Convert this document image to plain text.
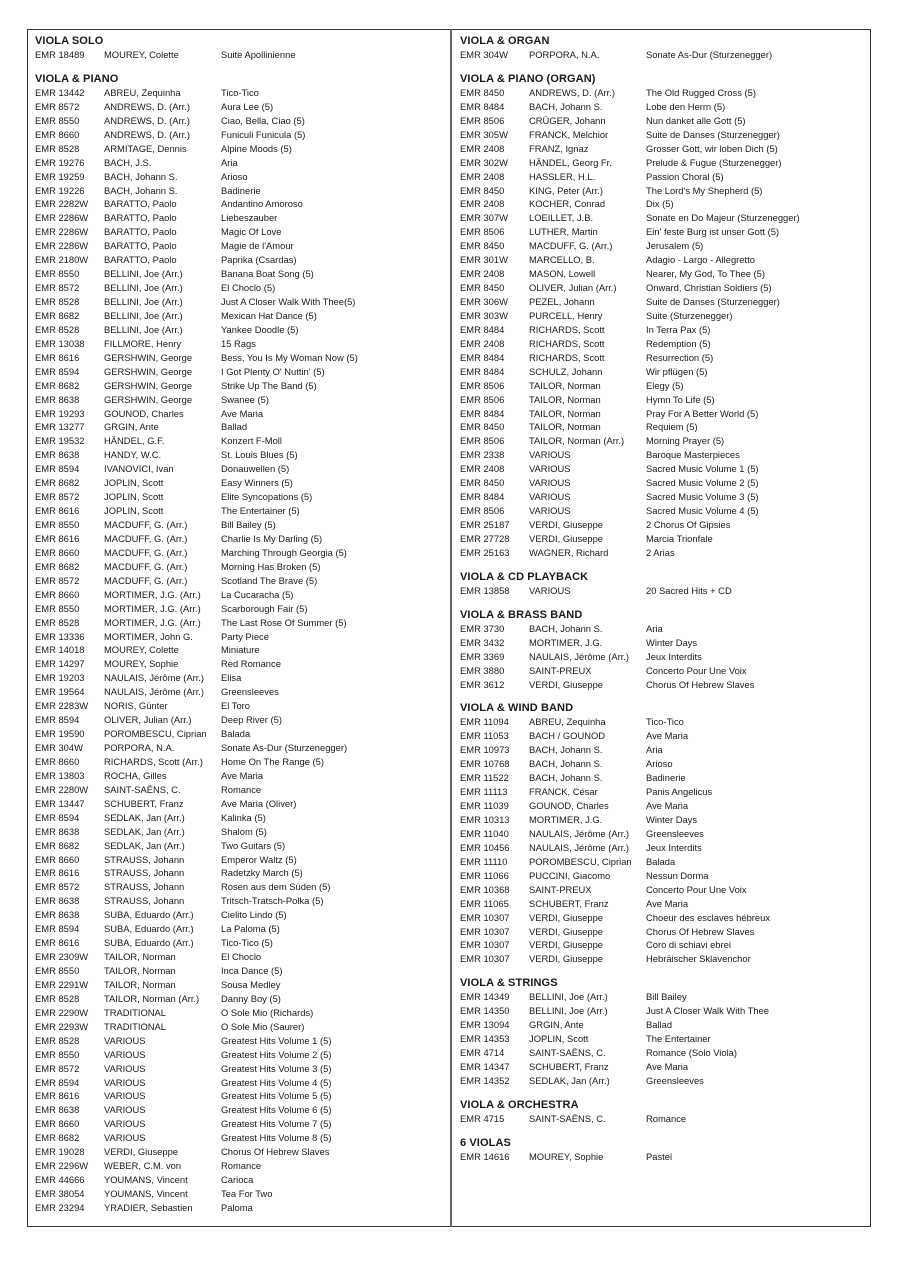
VIOLA SOLO
EMR 18489	MOUREY, Colette	Suite Apollinienne
VIOLA & PIANO
EMR 13442	ABREU, Zequinha	Tico-Tico
EMR 8572	ANDREWS, D. (Arr.)	Aura Lee (5)
EMR 8550	ANDREWS, D. (Arr.)	Ciao, Bella, Ciao (5)
EMR 8660	ANDREWS, D. (Arr.)	Funiculi Funicula (5)
EMR 8528	ARMITAGE, Dennis	Alpine Moods (5)
EMR 19276	BACH, J.S.	Aria
EMR 19259	BACH, Johann S.	Arioso
EMR 19226	BACH, Johann S.	Badinerie
EMR 2282W	BARATTO, Paolo	Andantino Amoroso
EMR 2286W	BARATTO, Paolo	Liebeszauber
EMR 2286W	BARATTO, Paolo	Magic Of Love
EMR 2286W	BARATTO, Paolo	Magie de l'Amour
EMR 2180W	BARATTO, Paolo	Paprika (Csardas)
EMR 8550	BELLINI, Joe (Arr.)	Banana Boat Song (5)
EMR 8572	BELLINI, Joe (Arr.)	El Choclo (5)
EMR 8528	BELLINI, Joe (Arr.)	Just A Closer Walk With Thee(5)
EMR 8682	BELLINI, Joe (Arr.)	Mexican Hat Dance (5)
EMR 8528	BELLINI, Joe (Arr.)	Yankee Doodle (5)
EMR 13038	FILLMORE, Henry	15 Rags
EMR 8616	GERSHWIN, George	Bess, You Is My Woman Now (5)
EMR 8594	GERSHWIN, George	I Got Plenty O' Nuttin' (5)
EMR 8682	GERSHWIN, George	Strike Up The Band (5)
EMR 8638	GERSHWIN, George	Swanee (5)
EMR 19293	GOUNOD, Charles	Ave Maria
EMR 13277	GRGIN, Ante	Ballad
EMR 19532	HÄNDEL, G.F.	Konzert F-Moll
EMR 8638	HANDY, W.C.	St. Louis Blues (5)
EMR 8594	IVANOVICI, Ivan	Donauwellen (5)
EMR 8682	JOPLIN, Scott	Easy Winners (5)
EMR 8572	JOPLIN, Scott	Elite Syncopations (5)
EMR 8616	JOPLIN, Scott	The Entertainer (5)
EMR 8550	MACDUFF, G. (Arr.)	Bill Bailey (5)
EMR 8616	MACDUFF, G. (Arr.)	Charlie Is My Darling (5)
EMR 8660	MACDUFF, G. (Arr.)	Marching Through Georgia (5)
EMR 8682	MACDUFF, G. (Arr.)	Morning Has Broken (5)
EMR 8572	MACDUFF, G. (Arr.)	Scotland The Brave (5)
EMR 8660	MORTIMER, J.G. (Arr.)	La Cucaracha (5)
EMR 8550	MORTIMER, J.G. (Arr.)	Scarborough Fair (5)
EMR 8528	MORTIMER, J.G. (Arr.)	The Last Rose Of Summer (5)
EMR 13336	MORTIMER, John G.	Party Piece
EMR 14018	MOUREY, Colette	Miniature
EMR 14297	MOUREY, Sophie	Red Romance
EMR 19203	NAULAIS, Jérôme (Arr.)	Elisa
EMR 19564	NAULAIS, Jérôme (Arr.)	Greensleeves
EMR 2283W	NORIS, Günter	El Toro
EMR 8594	OLIVER, Julian (Arr.)	Deep River (5)
EMR 19590	POROMBESCU, Ciprian	Balada
EMR 304W	PORPORA, N.A.	Sonate As-Dur (Sturzenegger)
EMR 8660	RICHARDS, Scott (Arr.)	Home On The Range (5)
EMR 13803	ROCHA, Gilles	Ave Maria
EMR 2280W	SAINT-SAËNS, C.	Romance
EMR 13447	SCHUBERT, Franz	Ave Maria (Oliver)
EMR 8594	SEDLAK, Jan (Arr.)	Kalinka (5)
EMR 8638	SEDLAK, Jan (Arr.)	Shalom (5)
EMR 8682	SEDLAK, Jan (Arr.)	Two Guitars (5)
EMR 8660	STRAUSS, Johann	Emperor Waltz (5)
EMR 8616	STRAUSS, Johann	Radetzky March (5)
EMR 8572	STRAUSS, Johann	Rosen aus dem Süden (5)
EMR 8638	STRAUSS, Johann	Tritsch-Tratsch-Polka (5)
EMR 8638	SUBA, Eduardo (Arr.)	Cielito Lindo (5)
EMR 8594	SUBA, Eduardo (Arr.)	La Paloma (5)
EMR 8616	SUBA, Eduardo (Arr.)	Tico-Tico (5)
EMR 2309W	TAILOR, Norman	El Choclo
EMR 8550	TAILOR, Norman	Inca Dance (5)
EMR 2291W	TAILOR, Norman	Sousa Medley
EMR 8528	TAILOR, Norman (Arr.)	Danny Boy (5)
EMR 2290W	TRADITIONAL	O Sole Mio (Richards)
EMR 2293W	TRADITIONAL	O Sole Mio (Saurer)
EMR 8528	VARIOUS	Greatest Hits Volume 1 (5)
EMR 8550	VARIOUS	Greatest Hits Volume 2 (5)
EMR 8572	VARIOUS	Greatest Hits Volume 3 (5)
EMR 8594	VARIOUS	Greatest Hits Volume 4 (5)
EMR 8616	VARIOUS	Greatest Hits Volume 5 (5)
EMR 8638	VARIOUS	Greatest Hits Volume 6 (5)
EMR 8660	VARIOUS	Greatest Hits Volume 7 (5)
EMR 8682	VARIOUS	Greatest Hits Volume 8 (5)
EMR 19028	VERDI, Giuseppe	Chorus Of Hebrew Slaves
EMR 2296W	WEBER, C.M. von	Romance
EMR 44666	YOUMANS, Vincent	Carioca
EMR 38054	YOUMANS, Vincent	Tea For Two
EMR 23294	YRADIER, Sebastien	Paloma
VIOLA & ORGAN
EMR 304W	PORPORA, N.A.	Sonate As-Dur (Sturzenegger)
VIOLA & PIANO (ORGAN)
EMR 8450	ANDREWS, D. (Arr.)	The Old Rugged Cross (5)
EMR 8484	BACH, Johann S.	Lobe den Herrn (5)
EMR 8506	CRÜGER, Johann	Nun danket alle Gott (5)
EMR 305W	FRANCK, Melchior	Suite de Danses (Sturzenegger)
EMR 2408	FRANZ, Ignaz	Grosser Gott, wir loben Dich (5)
EMR 302W	HÄNDEL, Georg Fr.	Prelude & Fugue (Sturzenegger)
EMR 2408	HASSLER, H.L.	Passion Choral (5)
EMR 8450	KING, Peter (Arr.)	The Lord's My Shepherd (5)
EMR 2408	KOCHER, Conrad	Dix (5)
EMR 307W	LOEILLET, J.B.	Sonate en Do Majeur (Sturzenegger)
EMR 8506	LUTHER, Martin	Ein' feste Burg ist unser Gott (5)
EMR 8450	MACDUFF, G. (Arr.)	Jerusalem (5)
EMR 301W	MARCELLO, B.	Adagio - Largo - Allegretto
EMR 2408	MASON, Lowell	Nearer, My God, To Thee (5)
EMR 8450	OLIVER, Julian (Arr.)	Onward, Christian Soldiers (5)
EMR 306W	PEZEL, Johann	Suite de Danses (Sturzenegger)
EMR 303W	PURCELL, Henry	Suite (Sturzenegger)
EMR 8484	RICHARDS, Scott	In Terra Pax (5)
EMR 2408	RICHARDS, Scott	Redemption (5)
EMR 8484	RICHARDS, Scott	Resurrection (5)
EMR 8484	SCHULZ, Johann	Wir pflügen (5)
EMR 8506	TAILOR, Norman	Elegy (5)
EMR 8506	TAILOR, Norman	Hymn To Life (5)
EMR 8484	TAILOR, Norman	Pray For A Better World (5)
EMR 8450	TAILOR, Norman	Requiem (5)
EMR 8506	TAILOR, Norman (Arr.)	Morning Prayer (5)
EMR 2338	VARIOUS	Baroque Masterpieces
EMR 2408	VARIOUS	Sacred Music Volume 1 (5)
EMR 8450	VARIOUS	Sacred Music Volume 2 (5)
EMR 8484	VARIOUS	Sacred Music Volume 3 (5)
EMR 8506	VARIOUS	Sacred Music Volume 4 (5)
EMR 25187	VERDI, Giuseppe	2 Chorus Of Gipsies
EMR 27728	VERDI, Giuseppe	Marcia Trionfale
EMR 25163	WAGNER, Richard	2 Arias
VIOLA & CD PLAYBACK
EMR 13858	VARIOUS	20 Sacred Hits + CD
VIOLA & BRASS BAND
EMR 3730	BACH, Johann S.	Aria
EMR 3432	MORTIMER, J.G.	Winter Days
EMR 3369	NAULAIS, Jérôme (Arr.)	Jeux Interdits
EMR 3880	SAINT-PREUX	Concerto Pour Une Voix
EMR 3612	VERDI, Giuseppe	Chorus Of Hebrew Slaves
VIOLA & WIND BAND
EMR 11094	ABREU, Zequinha	Tico-Tico
EMR 11053	BACH / GOUNOD	Ave Maria
EMR 10973	BACH, Johann S.	Aria
EMR 10768	BACH, Johann S.	Arioso
EMR 11522	BACH, Johann S.	Badinerie
EMR 11113	FRANCK, César	Panis Angelicus
EMR 11039	GOUNOD, Charles	Ave Maria
EMR 10313	MORTIMER, J.G.	Winter Days
EMR 11040	NAULAIS, Jérôme (Arr.)	Greensleeves
EMR 10456	NAULAIS, Jérôme (Arr.)	Jeux Interdits
EMR 11110	POROMBESCU, Ciprian	Balada
EMR 11066	PUCCINI, Giacomo	Nessun Dorma
EMR 10368	SAINT-PREUX	Concerto Pour Une Voix
EMR 11065	SCHUBERT, Franz	Ave Maria
EMR 10307	VERDI, Giuseppe	Choeur des esclaves hébreux
EMR 10307	VERDI, Giuseppe	Chorus Of Hebrew Slaves
EMR 10307	VERDI, Giuseppe	Coro di schiavi ebrei
EMR 10307	VERDI, Giuseppe	Hebräischer Sklavenchor
VIOLA & STRINGS
EMR 14349	BELLINI, Joe (Arr.)	Bill Bailey
EMR 14350	BELLINI, Joe (Arr.)	Just A Closer Walk With Thee
EMR 13094	GRGIN, Ante	Ballad
EMR 14353	JOPLIN, Scott	The Entertainer
EMR 4714	SAINT-SAËNS, C.	Romance (Solo Viola)
EMR 14347	SCHUBERT, Franz	Ave Maria
EMR 14352	SEDLAK, Jan (Arr.)	Greensleeves
VIOLA & ORCHESTRA
EMR 4715	SAINT-SAËNS, C.	Romance
6 VIOLAS
EMR 14616	MOUREY, Sophie	Pastel
